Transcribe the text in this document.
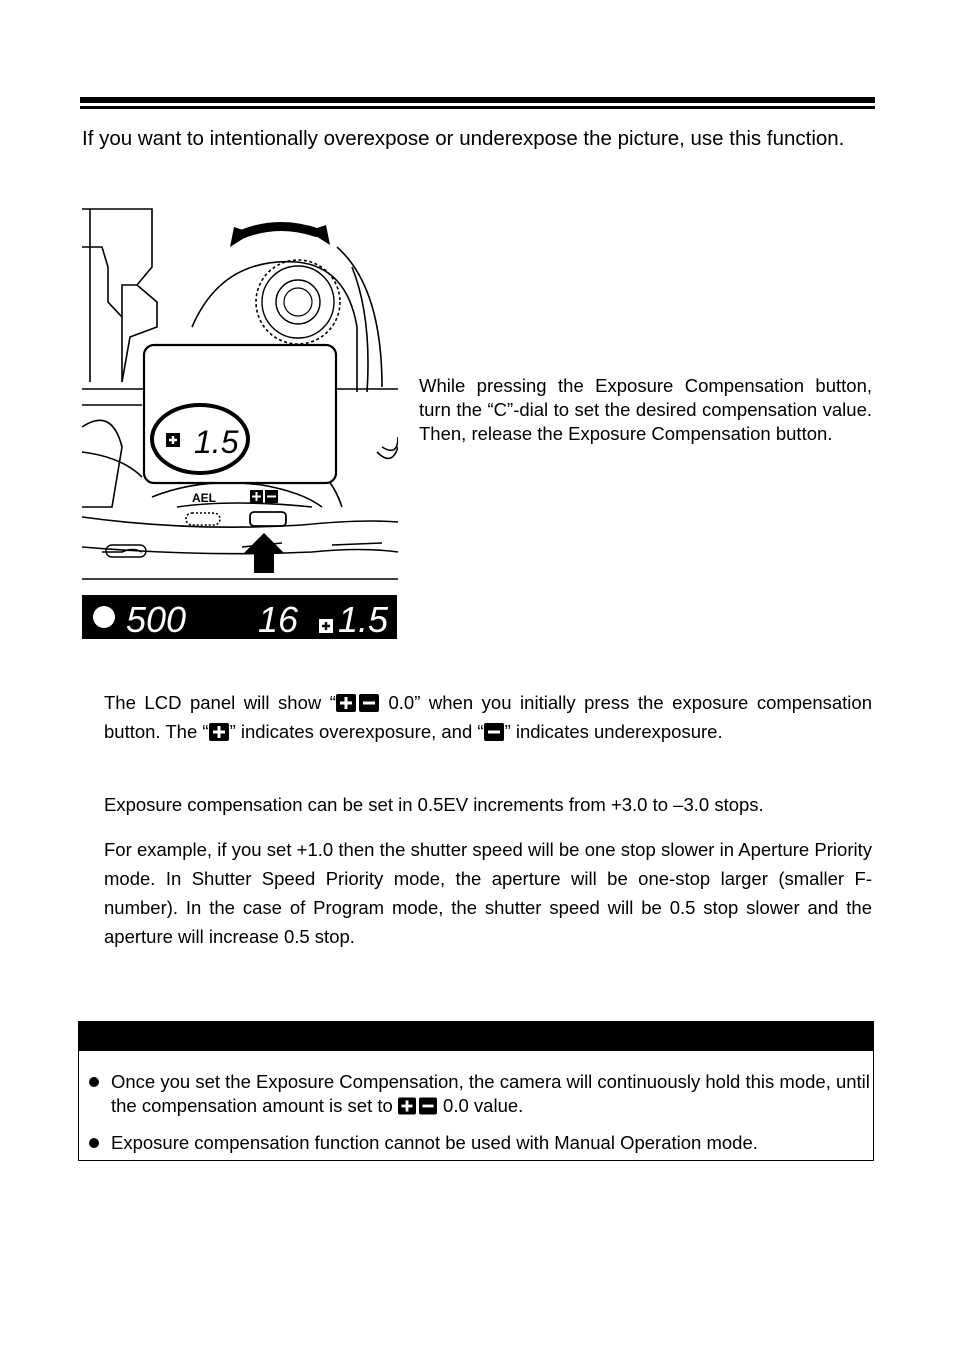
If you want to intentionally overexpose or underexpose the picture, use this function.

1.5
AEL
500 16 1.5

While pressing the Exposure Compensation button, turn the “C”-dial to set the desired compensation value. Then, release the Exposure Compensation button.

The LCD panel will show “ 0.0” when you initially press the exposure compensation button. The “ ” indicates overexposure, and “ ” indicates underexposure.

Exposure compensation can be set in 0.5EV increments from +3.0 to –3.0 stops.

For example, if you set +1.0 then the shutter speed will be one stop slower in Aperture Priority mode. In Shutter Speed Priority mode, the aperture will be one-stop larger (smaller F-number). In the case of Program mode, the shutter speed will be 0.5 stop slower and the aperture will increase 0.5 stop.

Once you set the Exposure Compensation, the camera will continuously hold this mode, until the compensation amount is set to  0.0 value.

Exposure compensation function cannot be used with Manual Operation mode.
